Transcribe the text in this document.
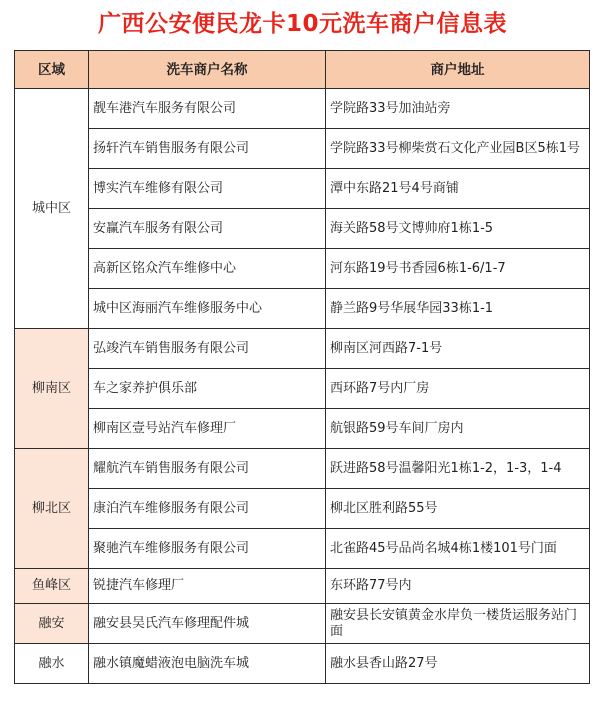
广西公安便民龙卡10元洗车商户信息表
区域	洗车商户名称	商户地址
城中区	靓车港汽车服务有限公司	学院路33号加油站旁
	扬轩汽车销售服务有限公司	学院路33号柳柴赏石文化产业园B区5栋1号
	博实汽车维修有限公司	潭中东路21号4号商铺
	安赢汽车服务有限公司	海关路58号文博帅府1栋1-5
	高新区铭众汽车维修中心	河东路19号书香园6栋1-6/1-7
	城中区海丽汽车维修服务中心	静兰路9号华展华园33栋1-1
柳南区	弘竣汽车销售服务有限公司	柳南区河西路7-1号
	车之家养护俱乐部	西环路7号内厂房
	柳南区壹号站汽车修理厂	航银路59号车间厂房内
柳北区	耀航汽车销售服务有限公司	跃进路58号温馨阳光1栋1-2，1-3，1-4
	康泊汽车维修服务有限公司	柳北区胜利路55号
	聚驰汽车维修服务有限公司	北雀路45号品尚名城4栋1楼101号门面
鱼峰区	锐捷汽车修理厂	东环路77号内
融安	融安县吴氏汽车修理配件城	融安县长安镇黄金水岸负一楼货运服务站门面
融水	融水镇魔蜡液泡电脑洗车城	融水县香山路27号
